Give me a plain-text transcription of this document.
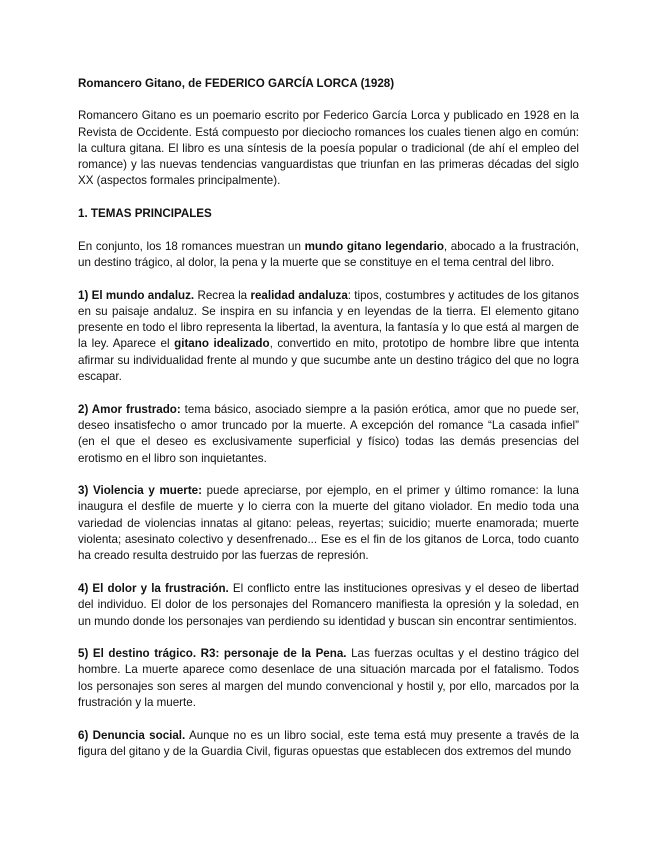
Romancero Gitano, de FEDERICO GARCÍA LORCA (1928)

Romancero Gitano es un poemario escrito por Federico García Lorca y publicado en 1928 en la Revista de Occidente. Está compuesto por dieciocho romances los cuales tienen algo en común: la cultura gitana. El libro es una síntesis de la poesía popular o tradicional (de ahí el empleo del romance) y las nuevas tendencias vanguardistas que triunfan en las primeras décadas del siglo XX (aspectos formales principalmente).

1. TEMAS PRINCIPALES

En conjunto, los 18 romances muestran un mundo gitano legendario, abocado a la frustración, un destino trágico, al dolor, la pena y la muerte que se constituye en el tema central del libro.

1) El mundo andaluz. Recrea la realidad andaluza: tipos, costumbres y actitudes de los gitanos en su paisaje andaluz. Se inspira en su infancia y en leyendas de la tierra. El elemento gitano presente en todo el libro representa la libertad, la aventura, la fantasía y lo que está al margen de la ley. Aparece el gitano idealizado, convertido en mito, prototipo de hombre libre que intenta afirmar su individualidad frente al mundo y que sucumbe ante un destino trágico del que no logra escapar.

2) Amor frustrado: tema básico, asociado siempre a la pasión erótica, amor que no puede ser, deseo insatisfecho o amor truncado por la muerte. A excepción del romance “La casada infiel” (en el que el deseo es exclusivamente superficial y físico) todas las demás presencias del erotismo en el libro son inquietantes.

3) Violencia y muerte: puede apreciarse, por ejemplo, en el primer y último romance: la luna inaugura el desfile de muerte y lo cierra con la muerte del gitano violador. En medio toda una variedad de violencias innatas al gitano: peleas, reyertas; suicidio; muerte enamorada; muerte violenta; asesinato colectivo y desenfrenado... Ese es el fin de los gitanos de Lorca, todo cuanto ha creado resulta destruido por las fuerzas de represión.

4) El dolor y la frustración. El conflicto entre las instituciones opresivas y el deseo de libertad del individuo. El dolor de los personajes del Romancero manifiesta la opresión y la soledad, en un mundo donde los personajes van perdiendo su identidad y buscan sin encontrar sentimientos.

5) El destino trágico. R3: personaje de la Pena. Las fuerzas ocultas y el destino trágico del hombre. La muerte aparece como desenlace de una situación marcada por el fatalismo. Todos los personajes son seres al margen del mundo convencional y hostil y, por ello, marcados por la frustración y la muerte.

6) Denuncia social. Aunque no es un libro social, este tema está muy presente a través de la figura del gitano y de la Guardia Civil, figuras opuestas que establecen dos extremos del mundo
